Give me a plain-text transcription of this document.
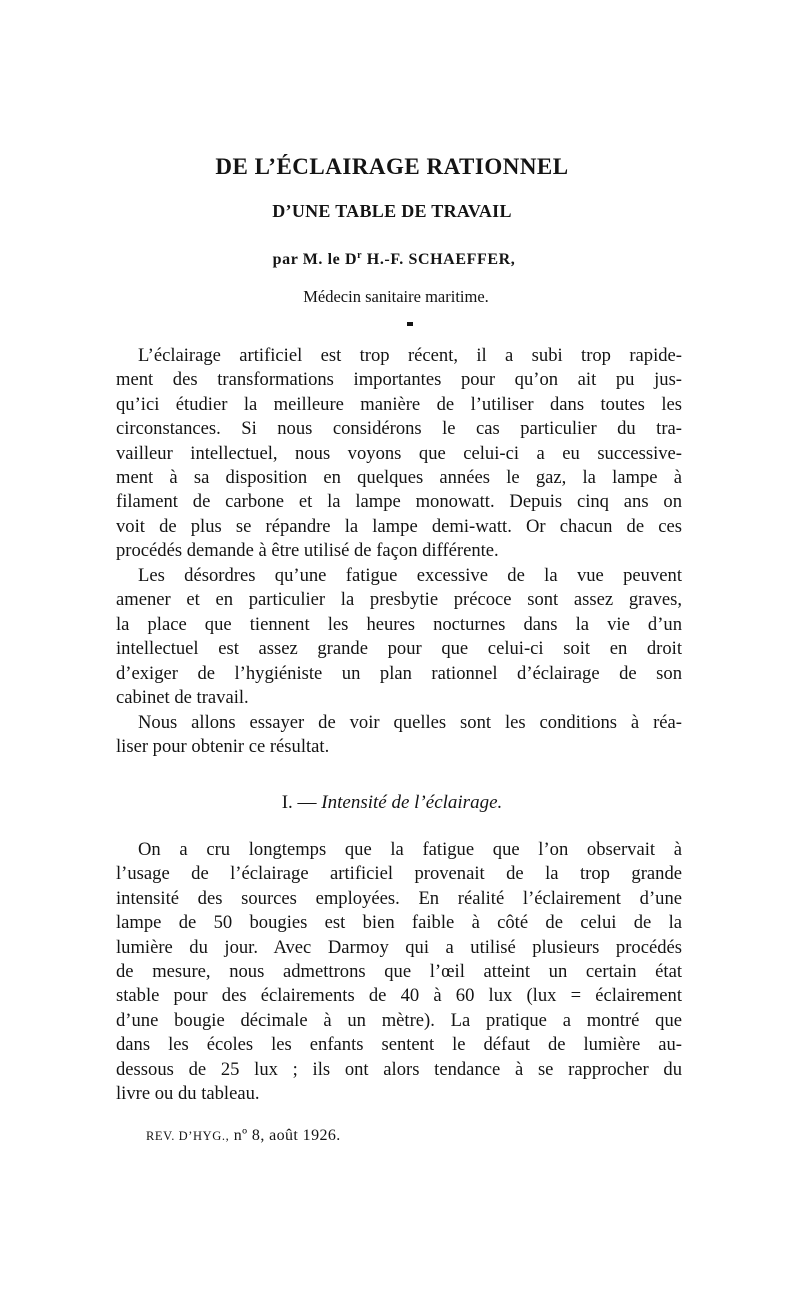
DE L’ÉCLAIRAGE RATIONNEL
D’UNE TABLE DE TRAVAIL
par M. le $D^r$ H.-F. SCHAEFFER,
Médecin sanitaire maritime.

L’éclairage artificiel est trop récent, il a subi trop rapide-
ment des transformations importantes pour qu’on ait pu jus-
qu’ici étudier la meilleure manière de l’utiliser dans toutes les
circonstances. Si nous considérons le cas particulier du tra-
vailleur intellectuel, nous voyons que celui-ci a eu successive-
ment à sa disposition en quelques années le gaz, la lampe à
filament de carbone et la lampe monowatt. Depuis cinq ans on
voit de plus se répandre la lampe demi-watt. Or chacun de ces
procédés demande à être utilisé de façon différente.

Les désordres qu’une fatigue excessive de la vue peuvent
amener et en particulier la presbytie précoce sont assez graves,
la place que tiennent les heures nocturnes dans la vie d’un
intellectuel est assez grande pour que celui-ci soit en droit
d’exiger de l’hygiéniste un plan rationnel d’éclairage de son
cabinet de travail.

Nous allons essayer de voir quelles sont les conditions à réa-
liser pour obtenir ce résultat.

I. — Intensité de l’éclairage.

On a cru longtemps que la fatigue que l’on observait à
l’usage de l’éclairage artificiel provenait de la trop grande
intensité des sources employées. En réalité l’éclairement d’une
lampe de 50 bougies est bien faible à côté de celui de la
lumière du jour. Avec Darmoy qui a utilisé plusieurs procédés
de mesure, nous admettrons que l’œil atteint un certain état
stable pour des éclairements de 40 à 60 lux (lux = éclairement
d’une bougie décimale à un mètre). La pratique a montré que
dans les écoles les enfants sentent le défaut de lumière au-
dessous de 25 lux ; ils ont alors tendance à se rapprocher du
livre ou du tableau.

REV. D’HYG., nº 8, août 1926.
